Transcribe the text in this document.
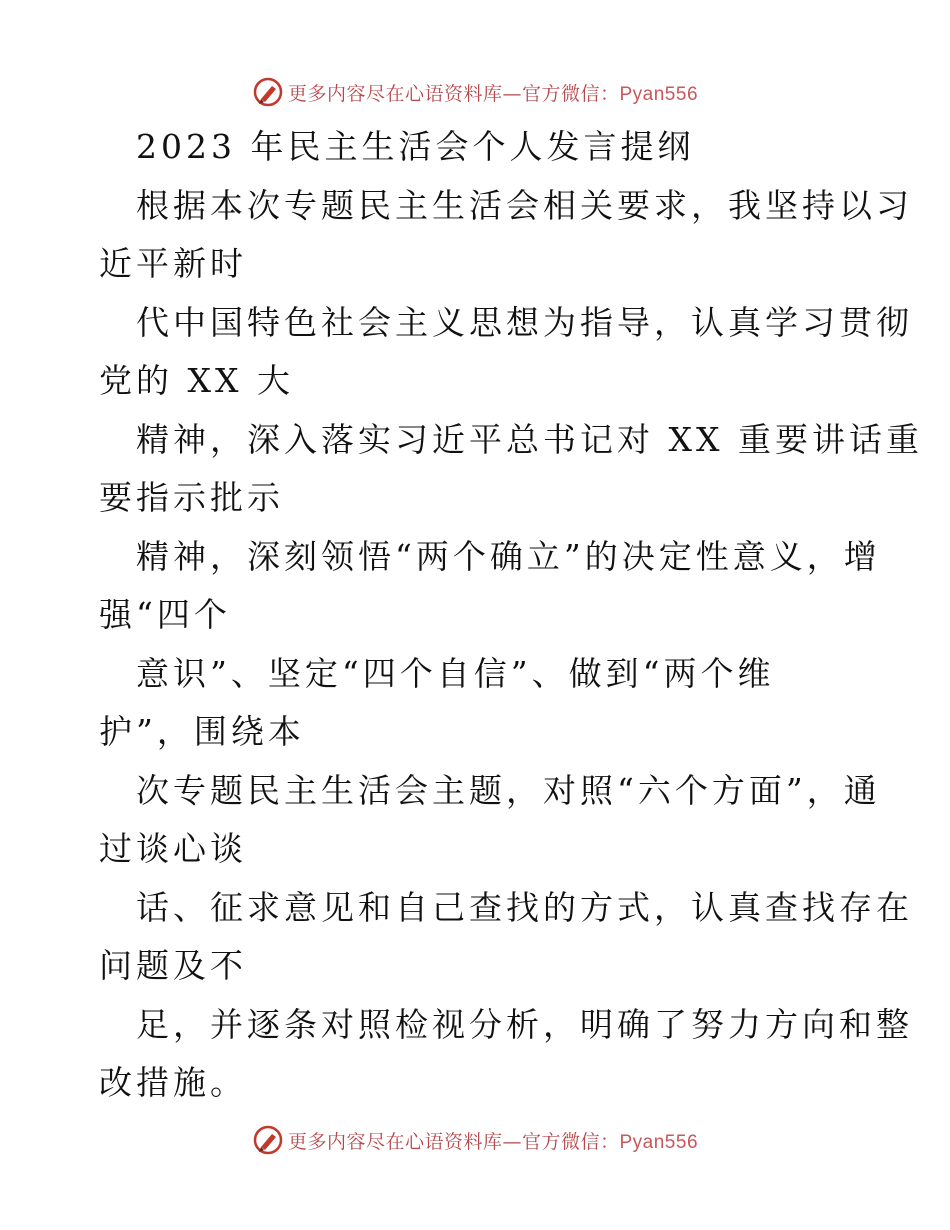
更多内容尽在心语资料库—官方微信：Pyan556
2023 年民主生活会个人发言提纲
根据本次专题民主生活会相关要求，我坚持以习
近平新时
代中国特色社会主义思想为指导，认真学习贯彻
党的 XX 大
精神，深入落实习近平总书记对 XX 重要讲话重
要指示批示
精神，深刻领悟“两个确立”的决定性意义，增
强“四个
意识”、坚定“四个自信”、做到“两个维
护”，围绕本
次专题民主生活会主题，对照“六个方面”，通
过谈心谈
话、征求意见和自己查找的方式，认真查找存在
问题及不
足，并逐条对照检视分析，明确了努力方向和整
改措施。
更多内容尽在心语资料库—官方微信：Pyan556
